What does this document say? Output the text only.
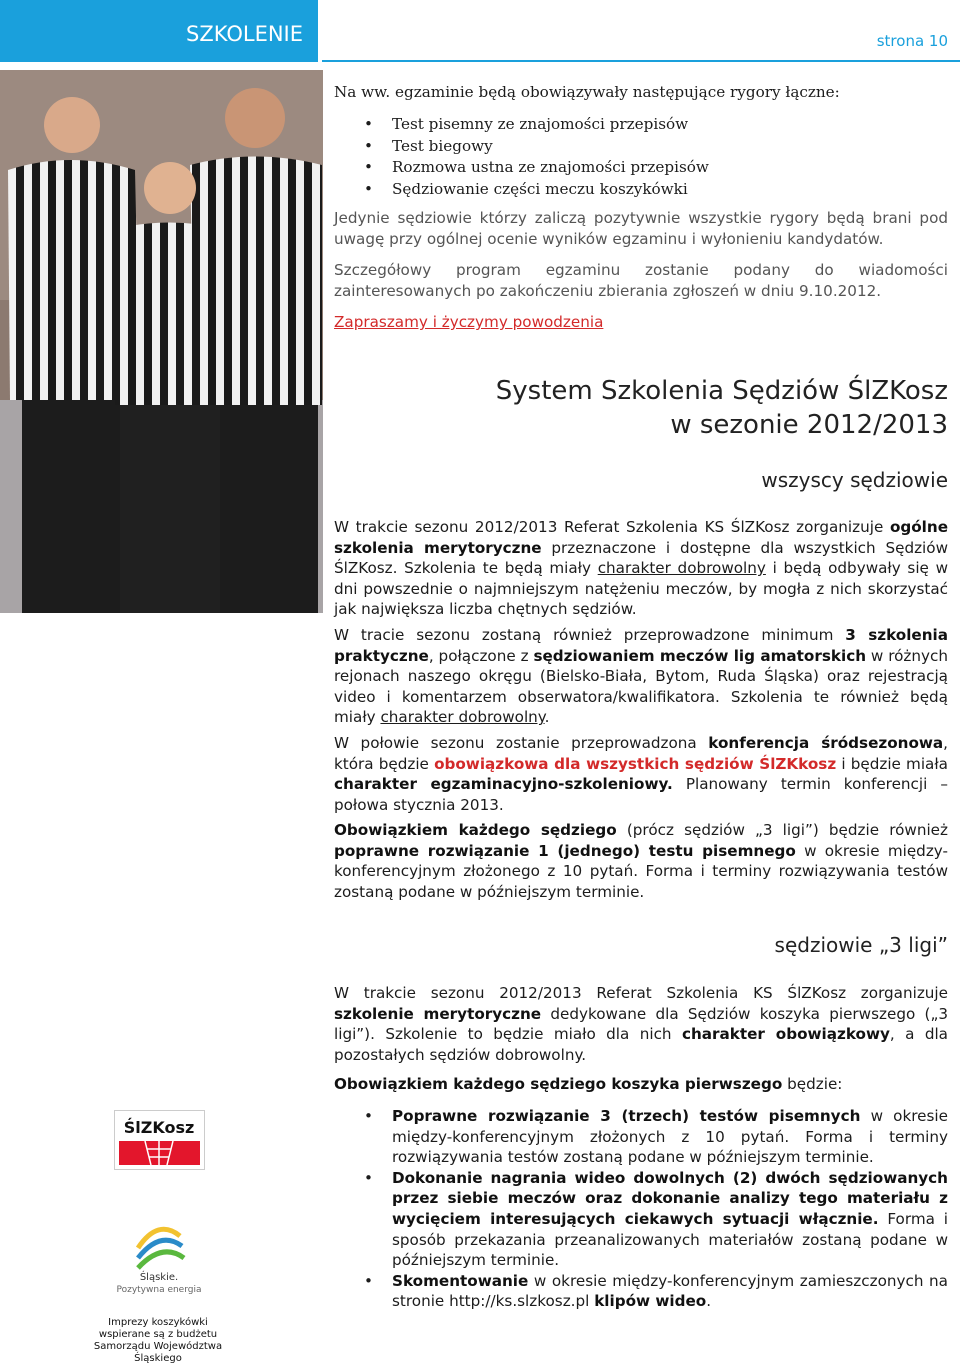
SZKOLENIE	strona 10

Na ww. egzaminie będą obowiązywały następujące rygory łączne:

• Test pisemny ze znajomości przepisów
• Test biegowy
• Rozmowa ustna ze znajomości przepisów
• Sędziowanie części meczu koszykówki

Jedynie sędziowie którzy zaliczą pozytywnie wszystkie rygory będą brani pod uwagę przy ogólnej ocenie wyników egzaminu i wyłonieniu kandydatów.

Szczegółowy program egzaminu zostanie podany do wiadomości zainteresowanych po zakończeniu zbierania zgłoszeń w dniu 9.10.2012.

Zapraszamy i życzymy powodzenia

System Szkolenia Sędziów ŚlZKosz
w sezonie 2012/2013
wszyscy sędziowie

W trakcie sezonu 2012/2013 Referat Szkolenia KS ŚlZKosz zorganizuje ogólne szkolenia merytoryczne przeznaczone i dostępne dla wszystkich Sędziów ŚlZKosz. Szkolenia te będą miały charakter dobrowolny i będą odbywały się w dni powszednie o najmniejszym natężeniu meczów, by mogła z nich skorzystać jak największa liczba chętnych sędziów.

W tracie sezonu zostaną również przeprowadzone minimum 3 szkolenia praktyczne, połączone z sędziowaniem meczów lig amatorskich w różnych rejonach naszego okręgu (Bielsko-Biała, Bytom, Ruda Śląska) oraz rejestracją video i komentarzem obserwatora/kwalifikatora. Szkolenia te również będą miały charakter dobrowolny.

W połowie sezonu zostanie przeprowadzona konferencja śródsezonowa, która będzie obowiązkowa dla wszystkich sędziów ŚlZKkosz i będzie miała charakter egzaminacyjno-szkoleniowy. Planowany termin konferencji – połowa stycznia 2013.

Obowiązkiem każdego sędziego (prócz sędziów „3 ligi”) będzie również poprawne rozwiązanie 1 (jednego) testu pisemnego w okresie między-konferencyjnym złożonego z 10 pytań. Forma i terminy rozwiązywania testów zostaną podane w późniejszym terminie.

sędziowie „3 ligi”

W trakcie sezonu 2012/2013 Referat Szkolenia KS ŚlZKosz zorganizuje szkolenie merytoryczne dedykowane dla Sędziów koszyka pierwszego („3 ligi”). Szkolenie to będzie miało dla nich charakter obowiązkowy, a dla pozostałych sędziów dobrowolny.

Obowiązkiem każdego sędziego koszyka pierwszego będzie:

• Poprawne rozwiązanie 3 (trzech) testów pisemnych w okresie między-konferencyjnym złożonych z 10 pytań. Forma i terminy rozwiązywania testów zostaną podane w późniejszym terminie.
• Dokonanie nagrania wideo dowolnych (2) dwóch sędziowanych przez siebie meczów oraz dokonanie analizy tego materiału z wycięciem interesujących ciekawych sytuacji włącznie. Forma i sposób przekazania przeanalizowanych materiałów zostaną podane w późniejszym terminie.
• Skomentowanie w okresie między-konferencyjnym zamieszczonych na stronie http://ks.slzkosz.pl klipów wideo.
ŚlZKosz
Śląskie.
Pozytywna energia
Imprezy koszykówki
wspierane są z budżetu
Samorządu Województwa Śląskiego
